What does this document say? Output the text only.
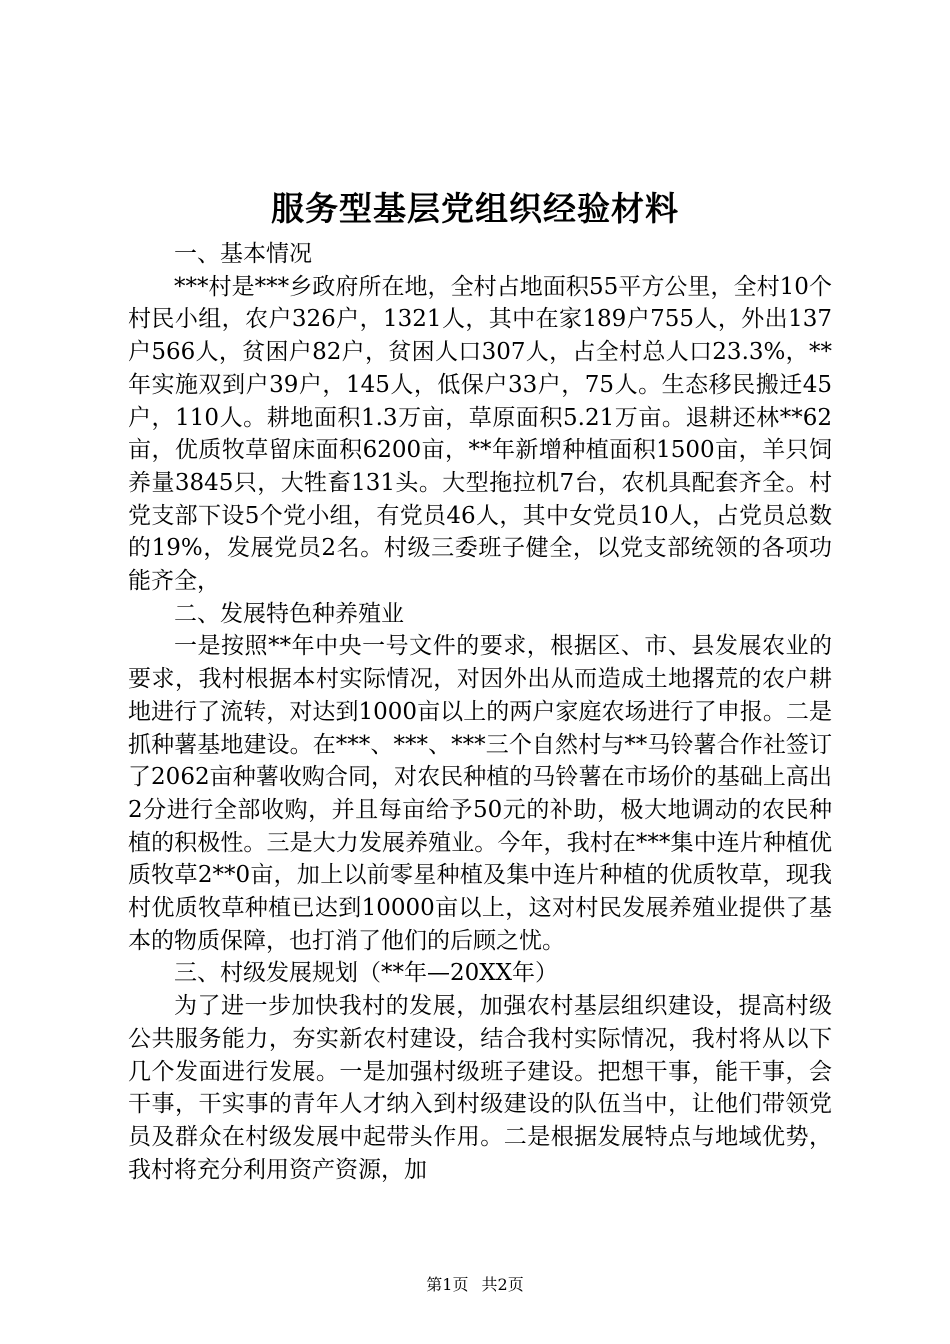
服务型基层党组织经验材料

一、基本情况

***村是***乡政府所在地，全村占地面积55平方公里，全村10个村民小组，农户326户，1321人，其中在家189户755人，外出137户566人，贫困户82户，贫困人口307人，占全村总人口23.3%，**年实施双到户39户，145人，低保户33户，75人。生态移民搬迁45户，110人。耕地面积1.3万亩，草原面积5.21万亩。退耕还林**62亩，优质牧草留床面积6200亩，**年新增种植面积1500亩，羊只饲养量3845只，大牲畜131头。大型拖拉机7台，农机具配套齐全。村党支部下设5个党小组，有党员46人，其中女党员10人，占党员总数的19%，发展党员2名。村级三委班子健全，以党支部统领的各项功能齐全，

二、发展特色种养殖业

一是按照**年中央一号文件的要求，根据区、市、县发展农业的要求，我村根据本村实际情况，对因外出从而造成土地撂荒的农户耕地进行了流转，对达到1000亩以上的两户家庭农场进行了申报。二是抓种薯基地建设。在***、***、***三个自然村与**马铃薯合作社签订了2062亩种薯收购合同，对农民种植的马铃薯在市场价的基础上高出2分进行全部收购，并且每亩给予50元的补助，极大地调动的农民种植的积极性。三是大力发展养殖业。今年，我村在***集中连片种植优质牧草2**0亩，加上以前零星种植及集中连片种植的优质牧草，现我村优质牧草种植已达到10000亩以上，这对村民发展养殖业提供了基本的物质保障，也打消了他们的后顾之忧。

三、村级发展规划（**年—20XX年）

为了进一步加快我村的发展，加强农村基层组织建设，提高村级公共服务能力，夯实新农村建设，结合我村实际情况，我村将从以下几个发面进行发展。一是加强村级班子建设。把想干事，能干事，会干事，干实事的青年人才纳入到村级建设的队伍当中，让他们带领党员及群众在村级发展中起带头作用。二是根据发展特点与地域优势，我村将充分利用资产资源，加

第1页 共2页
